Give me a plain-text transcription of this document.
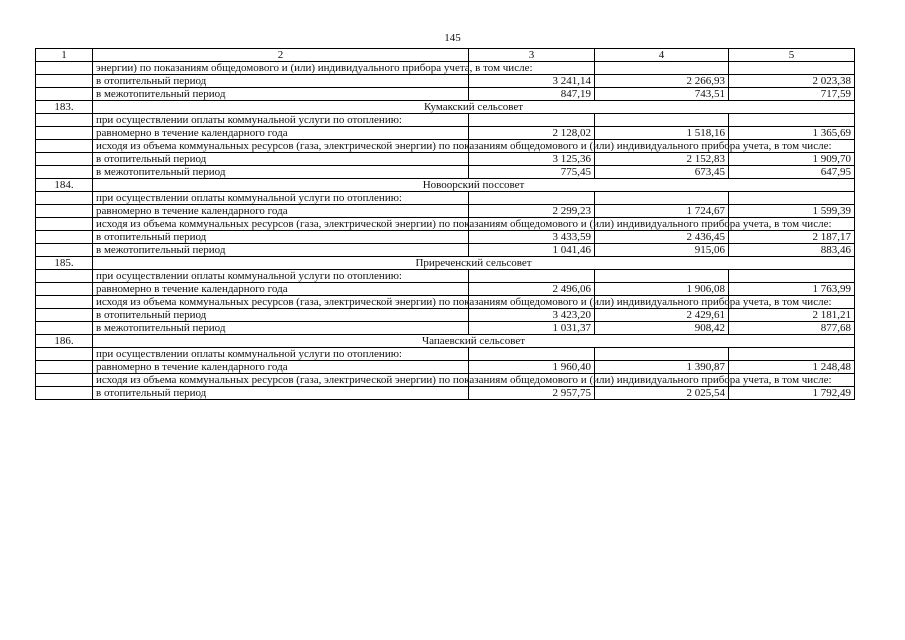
145
1	2	3	4	5
	энергии) по показаниям общедомового и (или) индивидуального прибора учета, в том числе:			
	в отопительный период	3 241,14	2 266,93	2 023,38
	в межотопительный период	847,19	743,51	717,59
183.	Кумакский сельсовет			
	при осуществлении оплаты коммунальной услуги по отоплению:			
	равномерно в течение календарного года	2 128,02	1 518,16	1 365,69
	исходя из объема коммунальных ресурсов (газа, электрической энергии) по показаниям общедомового и (или) индивидуального прибора учета, в том числе:			
	в отопительный период	3 125,36	2 152,83	1 909,70
	в межотопительный период	775,45	673,45	647,95
184.	Новоорский поссовет			
	при осуществлении оплаты коммунальной услуги по отоплению:			
	равномерно в течение календарного года	2 299,23	1 724,67	1 599,39
	исходя из объема коммунальных ресурсов (газа, электрической энергии) по показаниям общедомового и (или) индивидуального прибора учета, в том числе:			
	в отопительный период	3 433,59	2 436,45	2 187,17
	в межотопительный период	1 041,46	915,06	883,46
185.	Приреченский сельсовет			
	при осуществлении оплаты коммунальной услуги по отоплению:			
	равномерно в течение календарного года	2 496,06	1 906,08	1 763,99
	исходя из объема коммунальных ресурсов (газа, электрической энергии) по показаниям общедомового и (или) индивидуального прибора учета, в том числе:			
	в отопительный период	3 423,20	2 429,61	2 181,21
	в межотопительный период	1 031,37	908,42	877,68
186.	Чапаевский сельсовет			
	при осуществлении оплаты коммунальной услуги по отоплению:			
	равномерно в течение календарного года	1 960,40	1 390,87	1 248,48
	исходя из объема коммунальных ресурсов (газа, электрической энергии) по показаниям общедомового и (или) индивидуального прибора учета, в том числе:			
	в отопительный период	2 957,75	2 025,54	1 792,49
